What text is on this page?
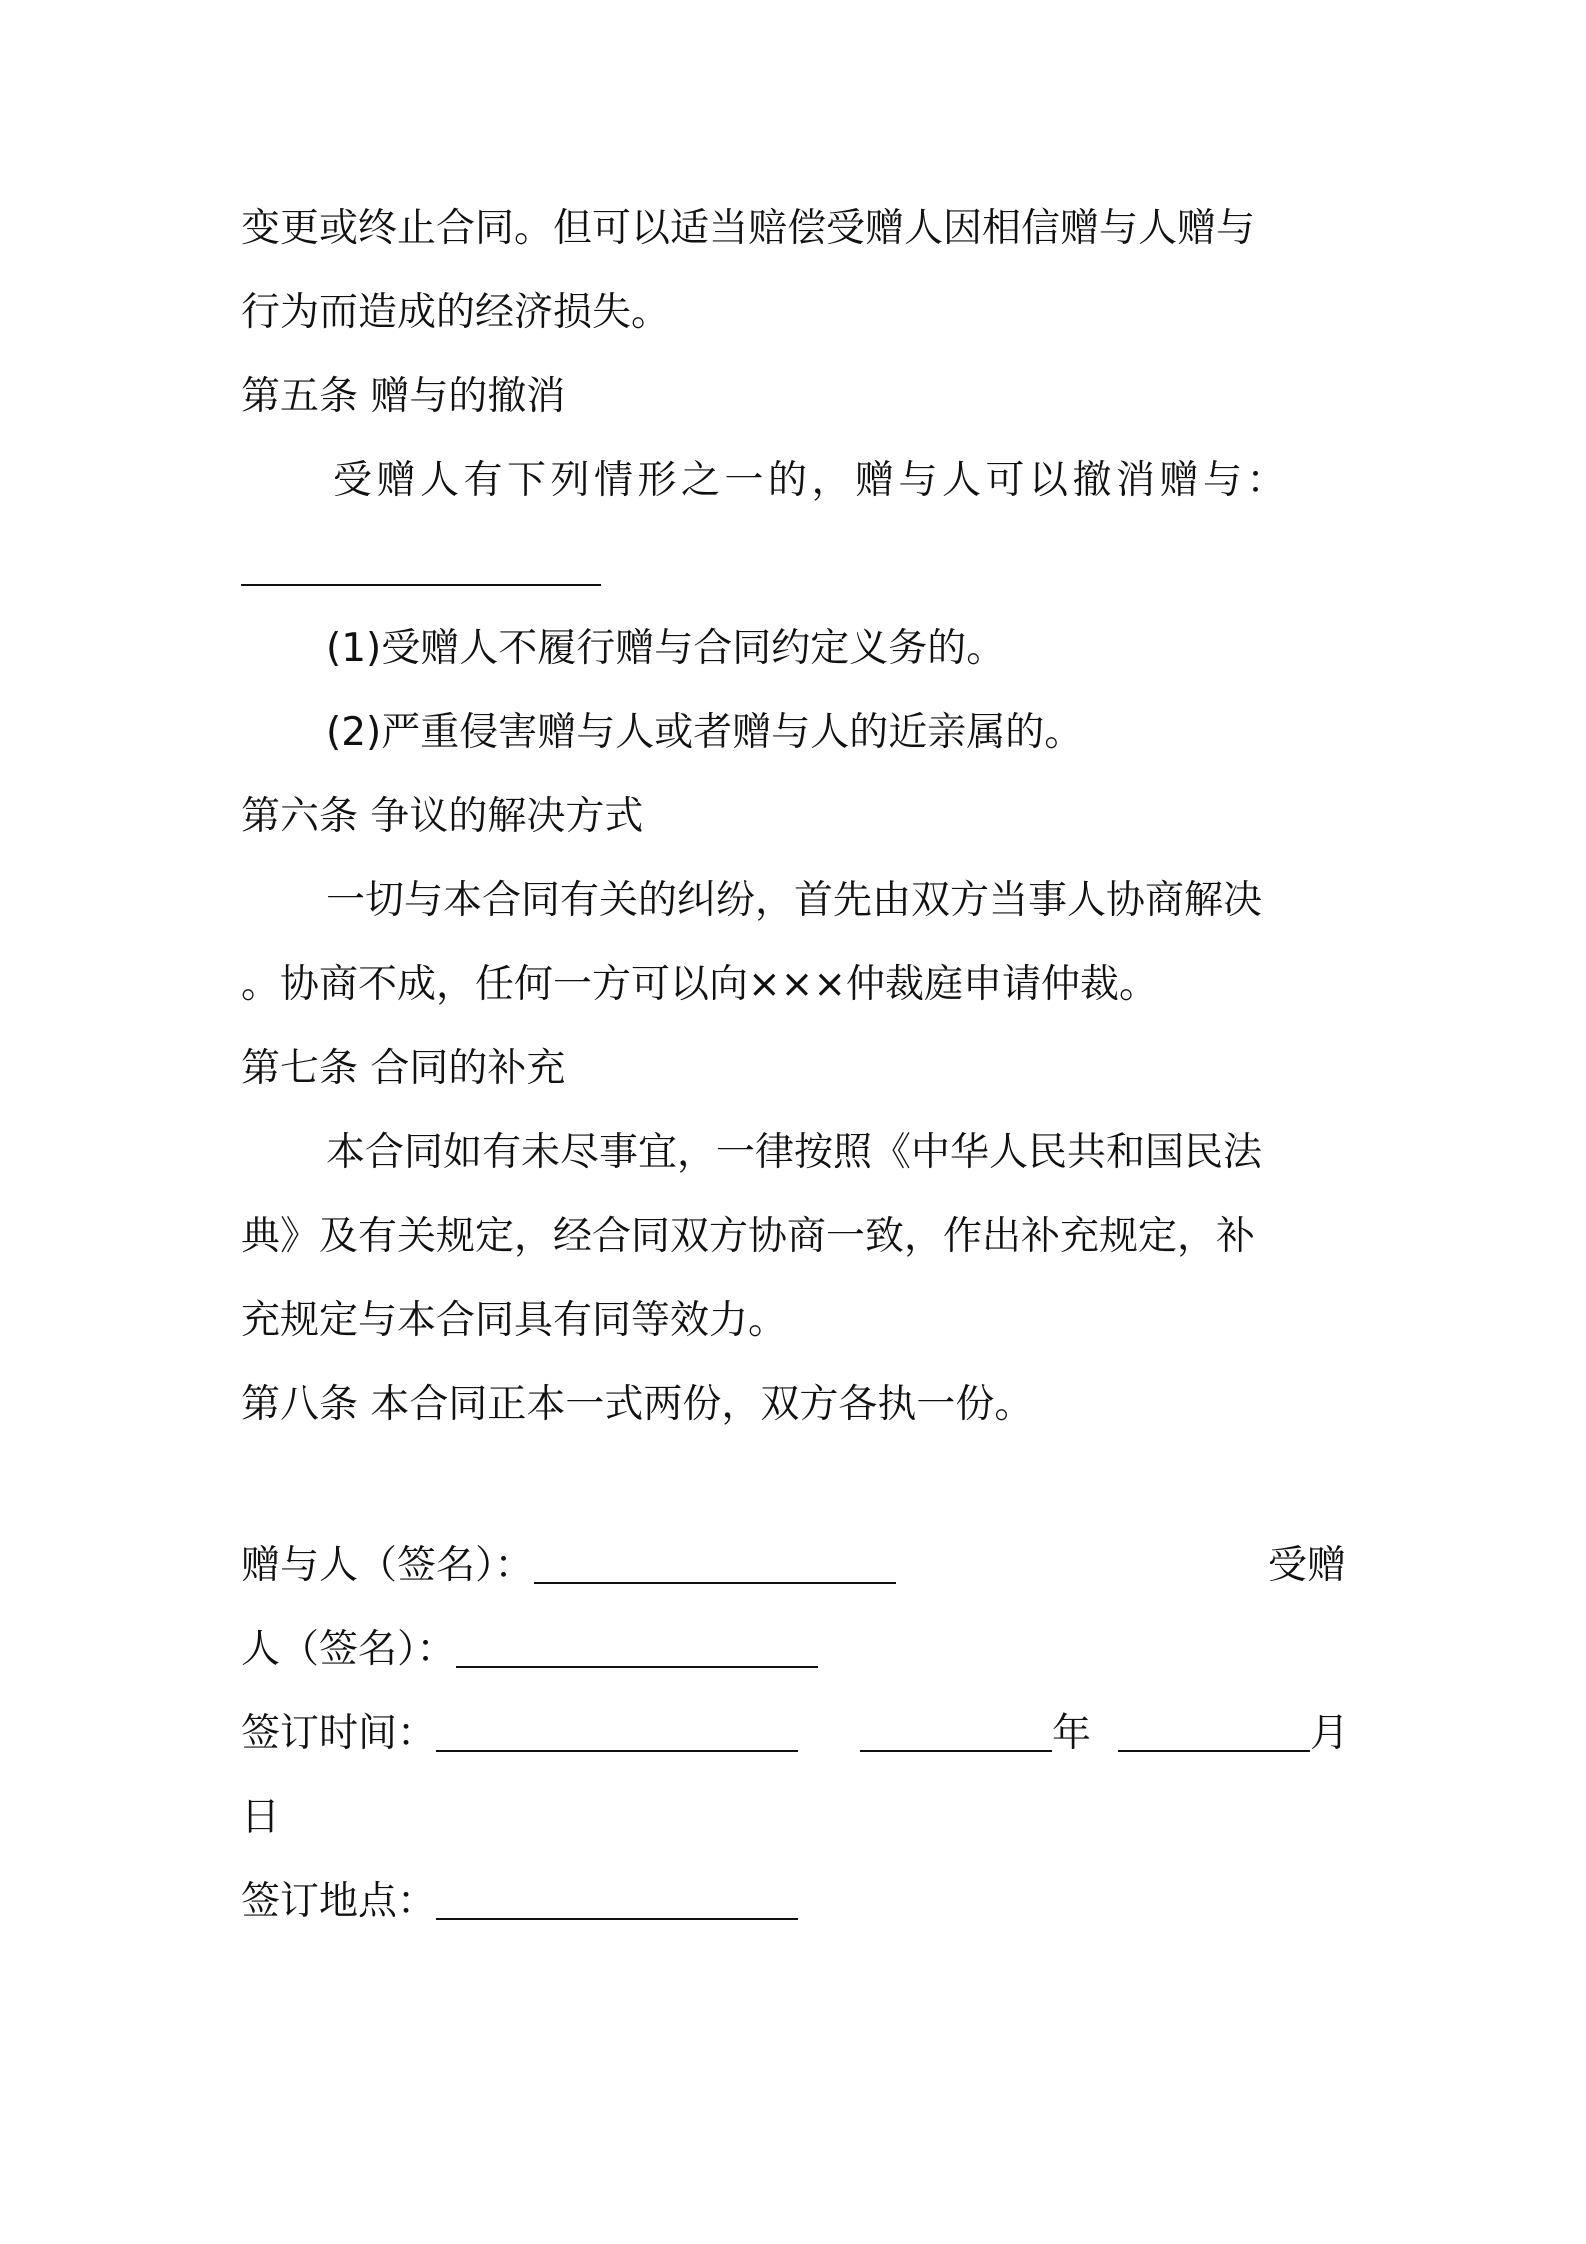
变更或终止合同。但可以适当赔偿受赠人因相信赠与人赠与
行为而造成的经济损失。
第五条 赠与的撤消
受赠人有下列情形之一的，赠与人可以撤消赠与：
(1)受赠人不履行赠与合同约定义务的。
(2)严重侵害赠与人或者赠与人的近亲属的。
第六条 争议的解决方式
一切与本合同有关的纠纷，首先由双方当事人协商解决
。协商不成，任何一方可以向×××仲裁庭申请仲裁。
第七条 合同的补充
本合同如有未尽事宜，一律按照《中华人民共和国民法
典》及有关规定，经合同双方协商一致，作出补充规定，补
充规定与本合同具有同等效力。
第八条 本合同正本一式两份，双方各执一份。
赠与人（签名）：	受赠
人（签名）：
签订时间：	年	月
日
签订地点：
